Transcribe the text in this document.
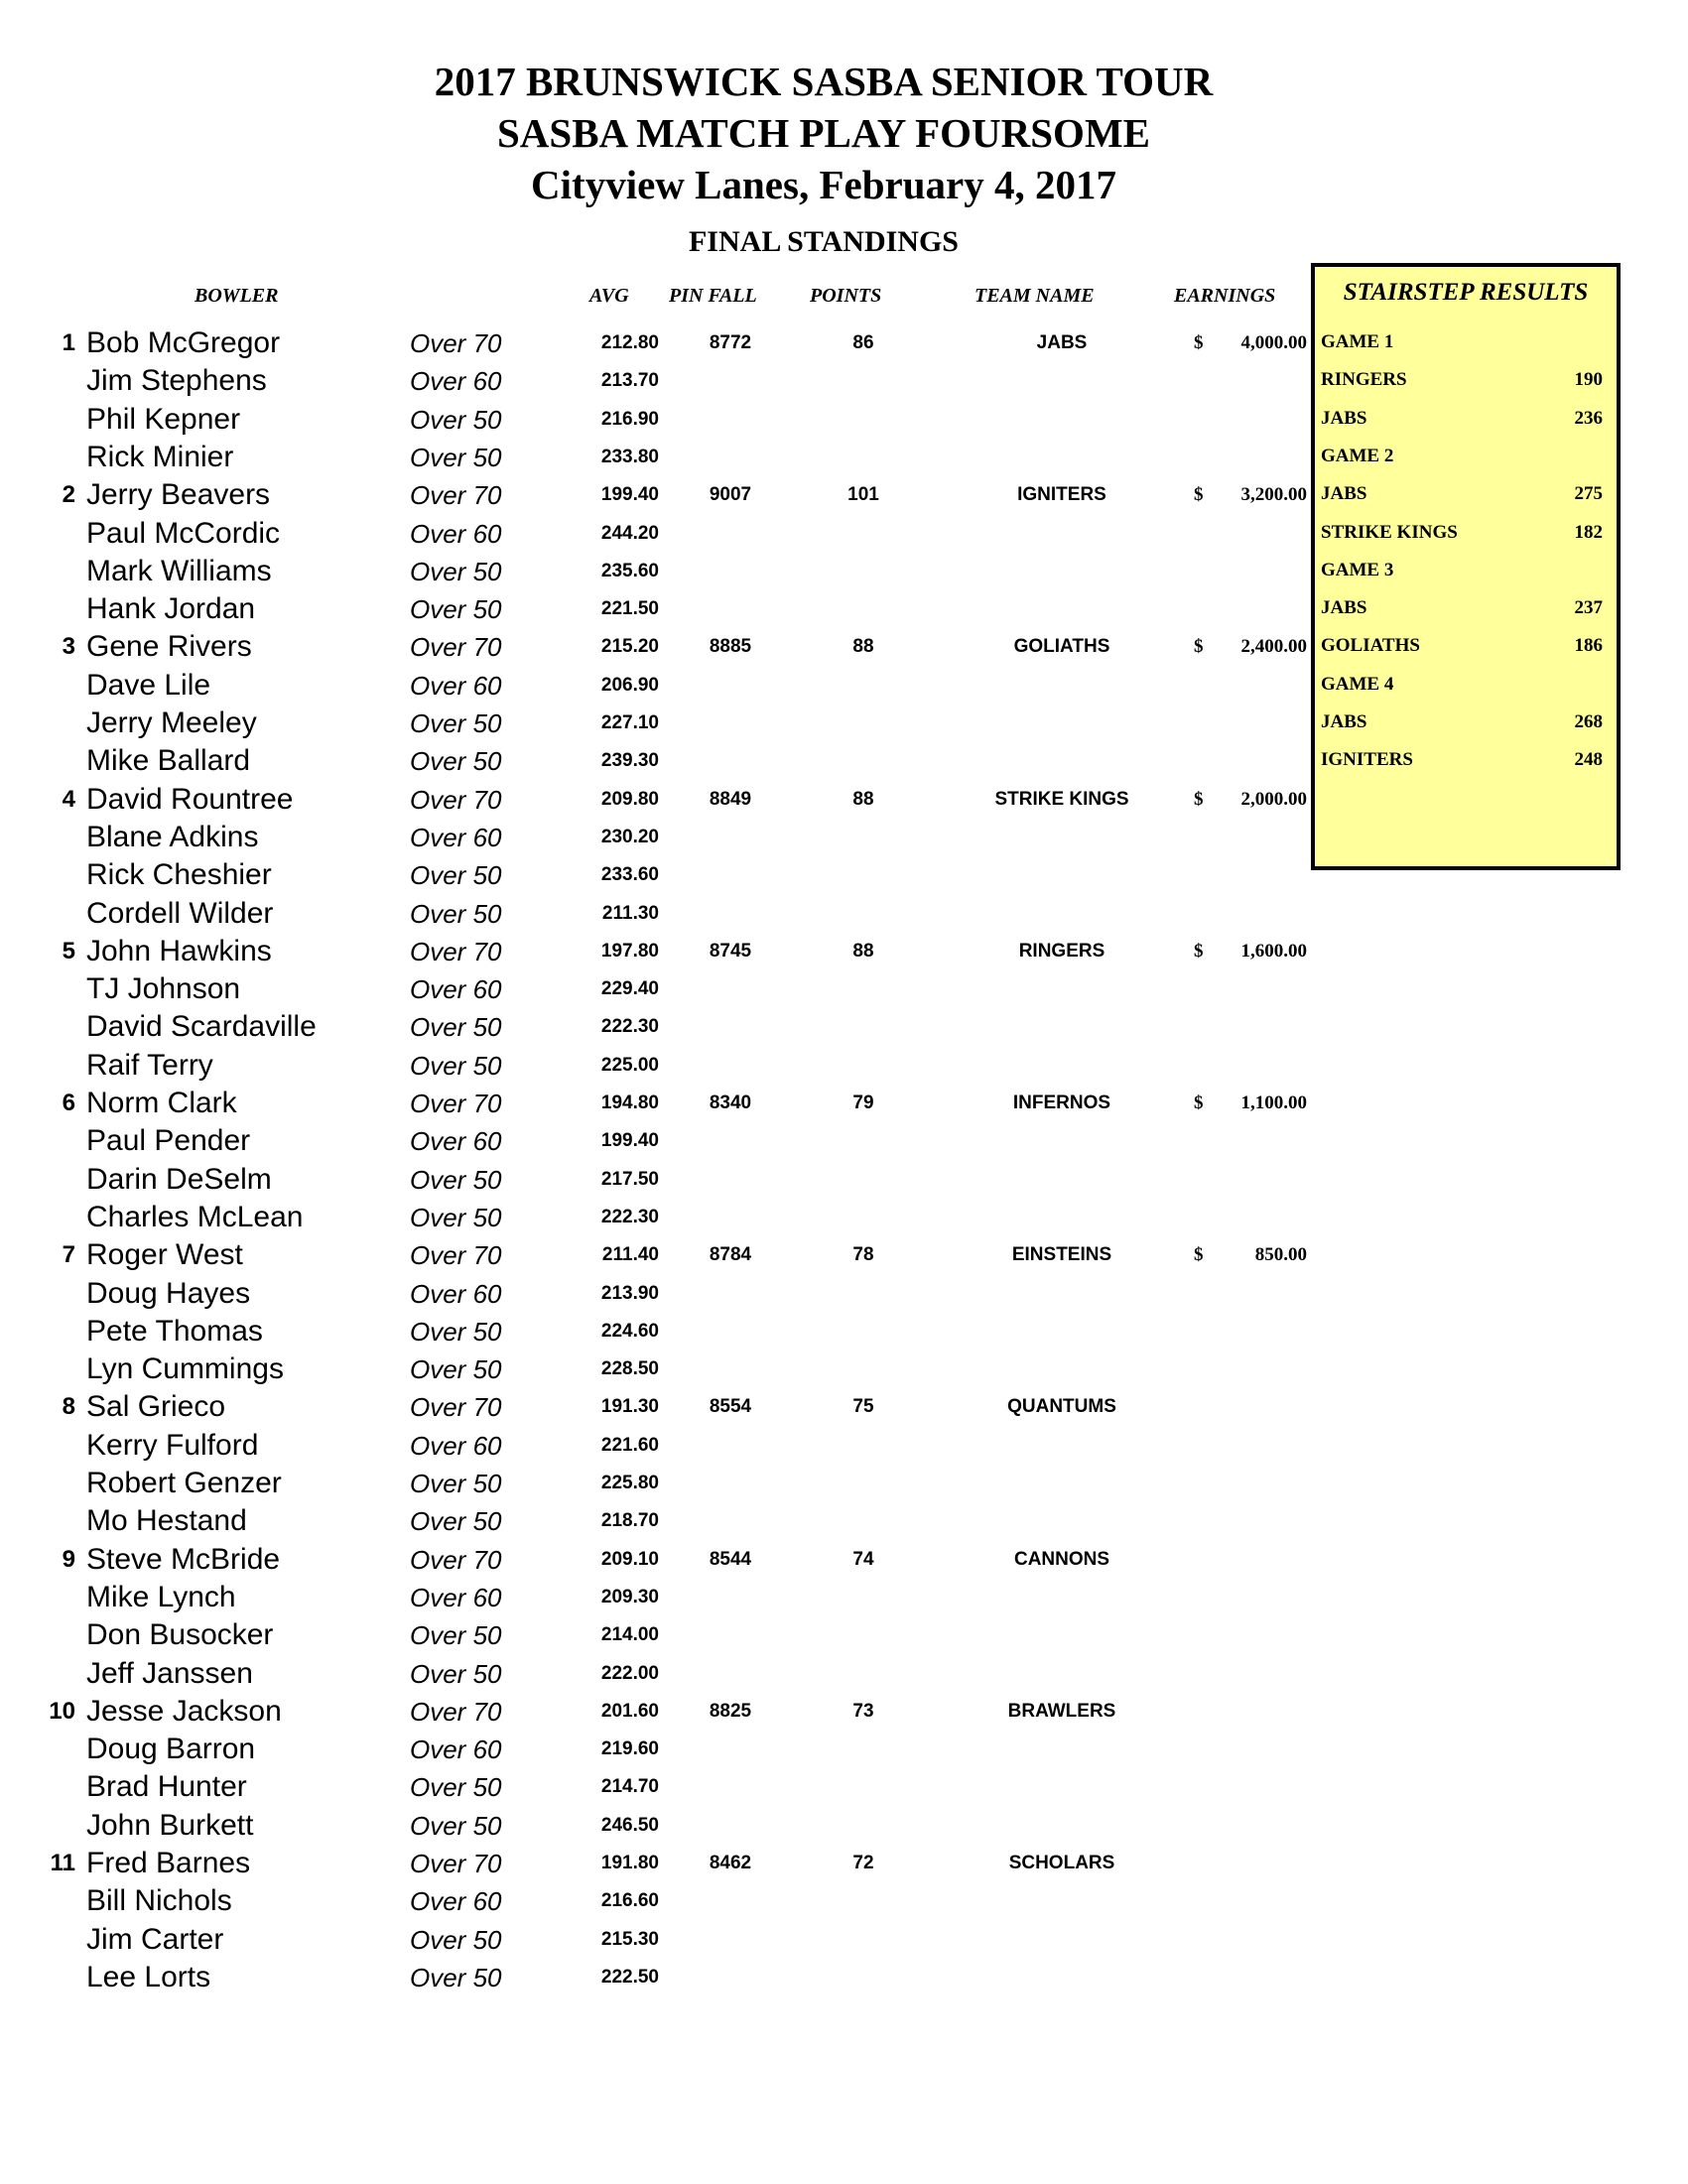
2017 BRUNSWICK SASBA SENIOR TOUR
SASBA MATCH PLAY FOURSOME
Cityview Lanes, February 4, 2017
FINAL STANDINGS
BOWLER	AVG PIN FALL	POINTS	TEAM NAME	EARNINGS
1 Bob McGregor	Over 70	212.80	8772	86	JABS	$	4,000.00
Jim Stephens	Over 60	213.70
Phil Kepner	Over 50	216.90
Rick Minier	Over 50	233.80
2 Jerry Beavers	Over 70	199.40	9007	101	IGNITERS	$	3,200.00
Paul McCordic	Over 60	244.20
Mark Williams	Over 50	235.60
Hank Jordan	Over 50	221.50
3 Gene Rivers	Over 70	215.20	8885	88	GOLIATHS	$	2,400.00
Dave Lile	Over 60	206.90
Jerry Meeley	Over 50	227.10
Mike Ballard	Over 50	239.30
4 David Rountree	Over 70	209.80	8849	88	STRIKE KINGS	$	2,000.00
Blane Adkins	Over 60	230.20
Rick Cheshier	Over 50	233.60
Cordell Wilder	Over 50	211.30
5 John Hawkins	Over 70	197.80	8745	88	RINGERS	$	1,600.00
TJ Johnson	Over 60	229.40
David Scardaville	Over 50	222.30
Raif Terry	Over 50	225.00
6 Norm Clark	Over 70	194.80	8340	79	INFERNOS	$	1,100.00
Paul Pender	Over 60	199.40
Darin DeSelm	Over 50	217.50
Charles McLean	Over 50	222.30
7 Roger West	Over 70	211.40	8784	78	EINSTEINS	$	850.00
Doug Hayes	Over 60	213.90
Pete Thomas	Over 50	224.60
Lyn Cummings	Over 50	228.50
8 Sal Grieco	Over 70	191.30	8554	75	QUANTUMS
Kerry Fulford	Over 60	221.60
Robert Genzer	Over 50	225.80
Mo Hestand	Over 50	218.70
9 Steve McBride	Over 70	209.10	8544	74	CANNONS
Mike Lynch	Over 60	209.30
Don Busocker	Over 50	214.00
Jeff Janssen	Over 50	222.00
10 Jesse Jackson	Over 70	201.60	8825	73	BRAWLERS
Doug Barron	Over 60	219.60
Brad Hunter	Over 50	214.70
John Burkett	Over 50	246.50
11 Fred Barnes	Over 70	191.80	8462	72	SCHOLARS
Bill Nichols	Over 60	216.60
Jim Carter	Over 50	215.30
Lee Lorts	Over 50	222.50
STAIRSTEP RESULTS
GAME 1
RINGERS	190
JABS	236
GAME 2
JABS	275
STRIKE KINGS	182
GAME 3
JABS	237
GOLIATHS	186
GAME 4
JABS	268
IGNITERS	248
